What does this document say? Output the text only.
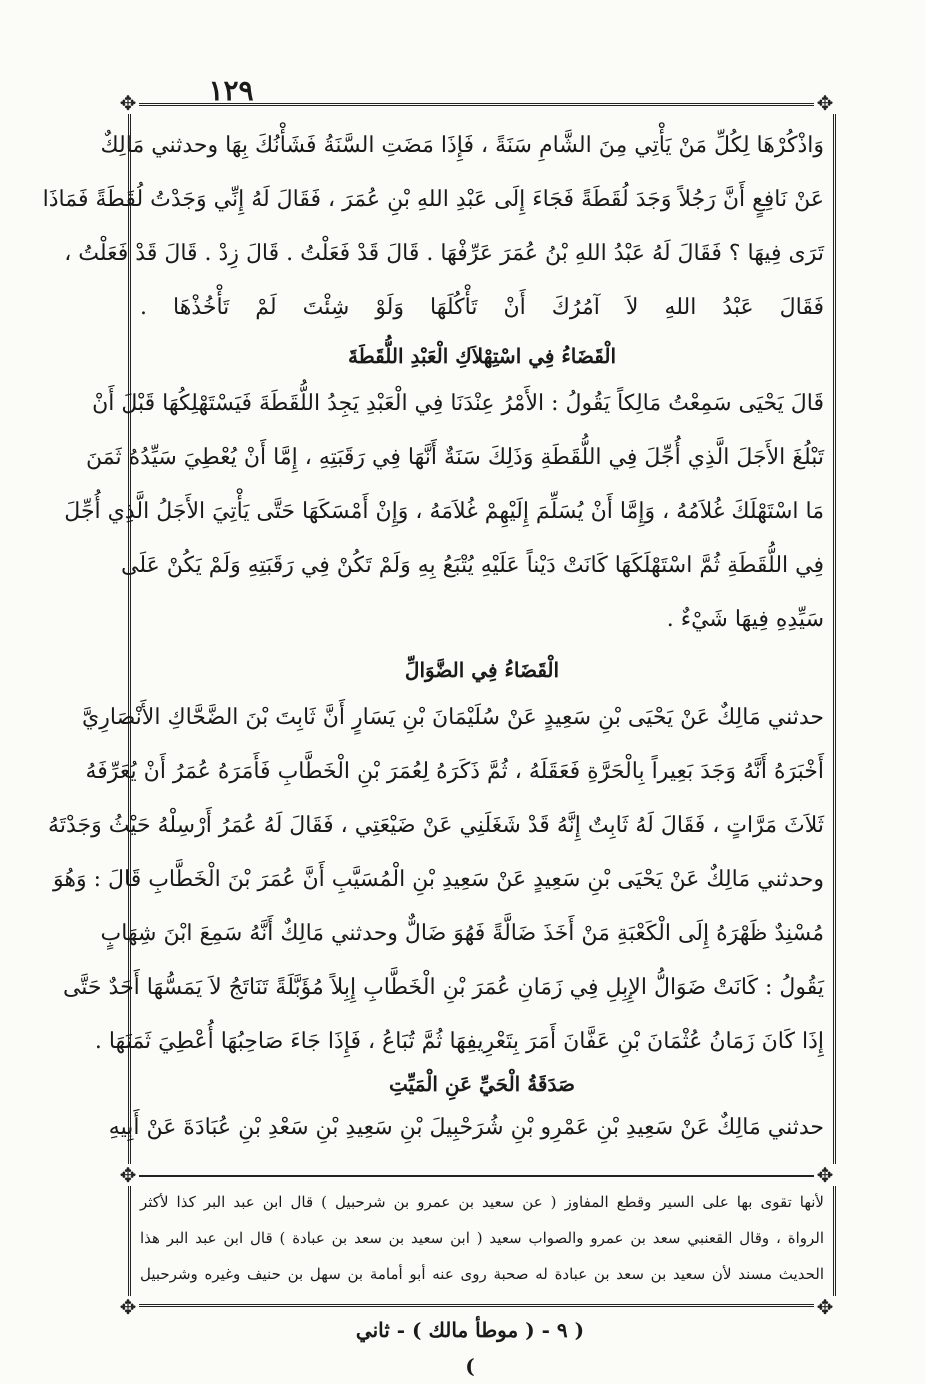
١٢٩
✥	✥
✥	✥
✥	✥
وَاذْكُرْهَا لِكُلِّ مَنْ يَأْتِي مِنَ الشَّامِ سَنَةً ، فَإِذَا مَضَتِ السَّنَةُ فَشَأْنُكَ بِهَا وحدثني مَالِكٌ
عَنْ نَافِعٍ أَنَّ رَجُلاً وَجَدَ لُقَطَةً فَجَاءَ إِلَى عَبْدِ اللهِ بْنِ عُمَرَ ، فَقَالَ لَهُ إِنِّي وَجَدْتُ لُقَطَةً فَمَاذَا
تَرَى فِيهَا ؟ فَقَالَ لَهُ عَبْدُ اللهِ بْنُ عُمَرَ عَرِّفْهَا . قَالَ قَدْ فَعَلْتُ . قَالَ زِدْ . قَالَ قَدْ فَعَلْتُ ،
فَقَالَ عَبْدُ اللهِ لاَ آمُرُكَ أَنْ تَأْكُلَهَا وَلَوْ شِئْتَ لَمْ تَأْخُذْهَا .
الْقَضَاءُ فِي اسْتِهْلاَكِ الْعَبْدِ اللُّقَطَةَ
قَالَ يَحْيَى سَمِعْتُ مَالِكاً يَقُولُ : الأَمْرُ عِنْدَنَا فِي الْعَبْدِ يَجِدُ اللُّقَطَةَ فَيَسْتَهْلِكُهَا قَبْلَ أَنْ
تَبْلُغَ الأَجَلَ الَّذِي أُجِّلَ فِي اللُّقَطَةِ وَذَلِكَ سَنَةٌ أَنَّهَا فِي رَقَبَتِهِ ، إِمَّا أَنْ يُعْطِيَ سَيِّدُهُ ثَمَنَ
مَا اسْتَهْلَكَ غُلاَمُهُ ، وَإِمَّا أَنْ يُسَلِّمَ إِلَيْهِمْ غُلاَمَهُ ، وَإِنْ أَمْسَكَهَا حَتَّى يَأْتِيَ الأَجَلُ الَّذِي أُجِّلَ
فِي اللُّقَطَةِ ثُمَّ اسْتَهْلَكَهَا كَانَتْ دَيْناً عَلَيْهِ يُتْبَعُ بِهِ وَلَمْ تَكُنْ فِي رَقَبَتِهِ وَلَمْ يَكُنْ عَلَى
سَيِّدِهِ فِيهَا شَيْءٌ .
الْقَضَاءُ فِي الضَّوَالِّ
حدثني مَالِكٌ عَنْ يَحْيَى بْنِ سَعِيدٍ عَنْ سُلَيْمَانَ بْنِ يَسَارٍ أَنَّ ثَابِتَ بْنَ الضَّحَّاكِ الأَنْصَارِيَّ
أَخْبَرَهُ أَنَّهُ وَجَدَ بَعِيراً بِالْحَرَّةِ فَعَقَلَهُ ، ثُمَّ ذَكَرَهُ لِعُمَرَ بْنِ الْخَطَّابِ فَأَمَرَهُ عُمَرُ أَنْ يُعَرِّفَهُ
ثَلاَثَ مَرَّاتٍ ، فَقَالَ لَهُ ثَابِتٌ إِنَّهُ قَدْ شَغَلَنِي عَنْ ضَيْعَتِي ، فَقَالَ لَهُ عُمَرُ أَرْسِلْهُ حَيْثُ وَجَدْتَهُ
وحدثني مَالِكٌ عَنْ يَحْيَى بْنِ سَعِيدٍ عَنْ سَعِيدِ بْنِ الْمُسَيَّبِ أَنَّ عُمَرَ بْنَ الْخَطَّابِ قَالَ : وَهُوَ
مُسْنِدٌ ظَهْرَهُ إِلَى الْكَعْبَةِ مَنْ أَخَذَ ضَالَّةً فَهُوَ ضَالٌّ وحدثني مَالِكٌ أَنَّهُ سَمِعَ ابْنَ شِهَابٍ
يَقُولُ : كَانَتْ ضَوَالُّ الإِبِلِ فِي زَمَانِ عُمَرَ بْنِ الْخَطَّابِ إِبِلاً مُؤَبَّلَةً تَنَاتَجُ لاَ يَمَسُّهَا أَحَدٌ حَتَّى
إِذَا كَانَ زَمَانُ عُثْمَانَ بْنِ عَفَّانَ أَمَرَ بِتَعْرِيفِهَا ثُمَّ تُبَاعُ ، فَإِذَا جَاءَ صَاحِبُهَا أُعْطِيَ ثَمَنَهَا .
صَدَقَةُ الْحَيِّ عَنِ الْمَيِّتِ
حدثني مَالِكٌ عَنْ سَعِيدِ بْنِ عَمْرِو بْنِ شُرَحْبِيلَ بْنِ سَعِيدِ بْنِ سَعْدِ بْنِ عُبَادَةَ عَنْ أَبِيهِ
لأنها تقوى بها على السير وقطع المفاوز ( عن سعيد بن عمرو بن شرحبيل ) قال ابن عبد البر كذا لأكثر
الرواة ، وقال القعنبي سعد بن عمرو والصواب سعيد ( ابن سعيد بن سعد بن عبادة ) قال ابن عبد البر هذا
الحديث مسند لأن سعيد بن سعد بن عبادة له صحبة روى عنه أبو أمامة بن سهل بن حنيف وغيره وشرحبيل
( ٩ - ( موطأ مالك ) - ثاني )
